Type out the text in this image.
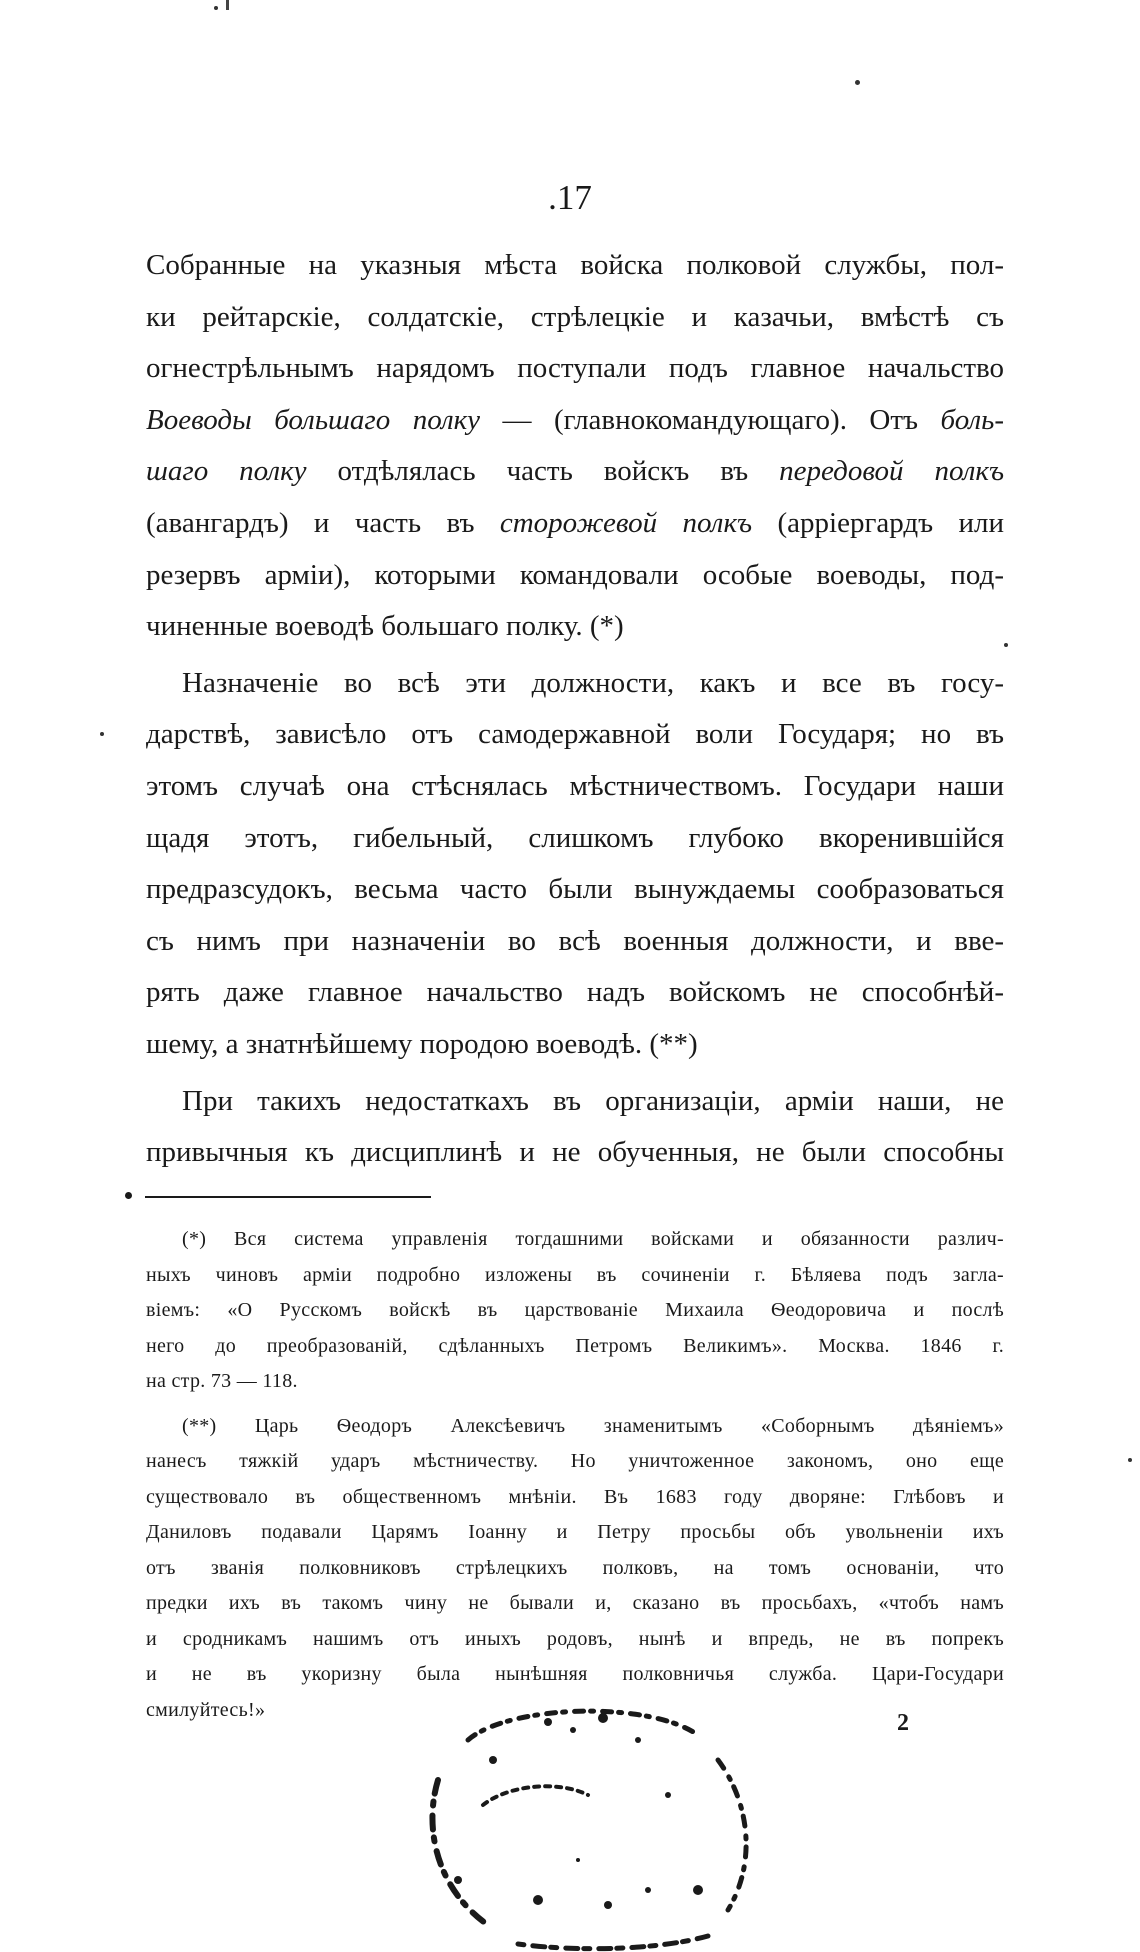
.17
Собранные на указныя мѣста войска полковой службы, пол-
ки рейтарскіе, солдатскіе, стрѣлецкіе и казачьи, вмѣстѣ съ
огнестрѣльнымъ нарядомъ поступали подъ главное начальство
Воеводы большаго полку — (главнокомандующаго). Отъ боль-
шаго полку отдѣлялась часть войскъ въ передовой полкъ
(авангардъ) и часть въ сторожевой полкъ (арріергардъ или
резервъ арміи), которыми командовали особые воеводы, под-
чиненные воеводѣ большаго полку. (*)
Назначеніе во всѣ эти должности, какъ и все въ госу-
дарствѣ, зависѣло отъ самодержавной воли Государя; но въ
этомъ случаѣ она стѣснялась мѣстничествомъ. Государи наши
щадя этотъ, гибельный, слишкомъ глубоко вкоренившійся
предразсудокъ, весьма часто были вынуждаемы сообразоваться
съ нимъ при назначеніи во всѣ военныя должности, и вве-
рять даже главное начальство надъ войскомъ не способнѣй-
шему, а знатнѣйшему породою воеводѣ. (**)
При такихъ недостаткахъ въ организаціи, арміи наши, не
привычныя къ дисциплинѣ и не обученныя, не были способны
(*) Вся система управленія тогдашними войсками и обязанности различ-
ныхъ чиновъ арміи подробно изложены въ сочиненіи г. Бѣляева подъ загла-
віемъ: «О Русскомъ войскѣ въ царствованіе Михаила Ѳеодоровича и послѣ
него до преобразованій, сдѣланныхъ Петромъ Великимъ». Москва. 1846 г.
на стр. 73 — 118.
(**) Царь Ѳеодоръ Алексѣевичъ знаменитымъ «Соборнымъ дѣяніемъ»
нанесъ тяжкій ударъ мѣстничеству. Но уничтоженное закономъ, оно еще
существовало въ общественномъ мнѣніи. Въ 1683 году дворяне: Глѣбовъ и
Даниловъ подавали Царямъ Іоанну и Петру просьбы объ увольненіи ихъ
отъ званія полковниковъ стрѣлецкихъ полковъ, на томъ основаніи, что
предки ихъ въ такомъ чину не бывали и, сказано въ просьбахъ, «чтобъ намъ
и сродникамъ нашимъ отъ иныхъ родовъ, нынѣ и впредь, не въ попрекъ
и не въ укоризну была нынѣшняя полковничья служба. Цари-Государи
смилуйтесь!»
2
